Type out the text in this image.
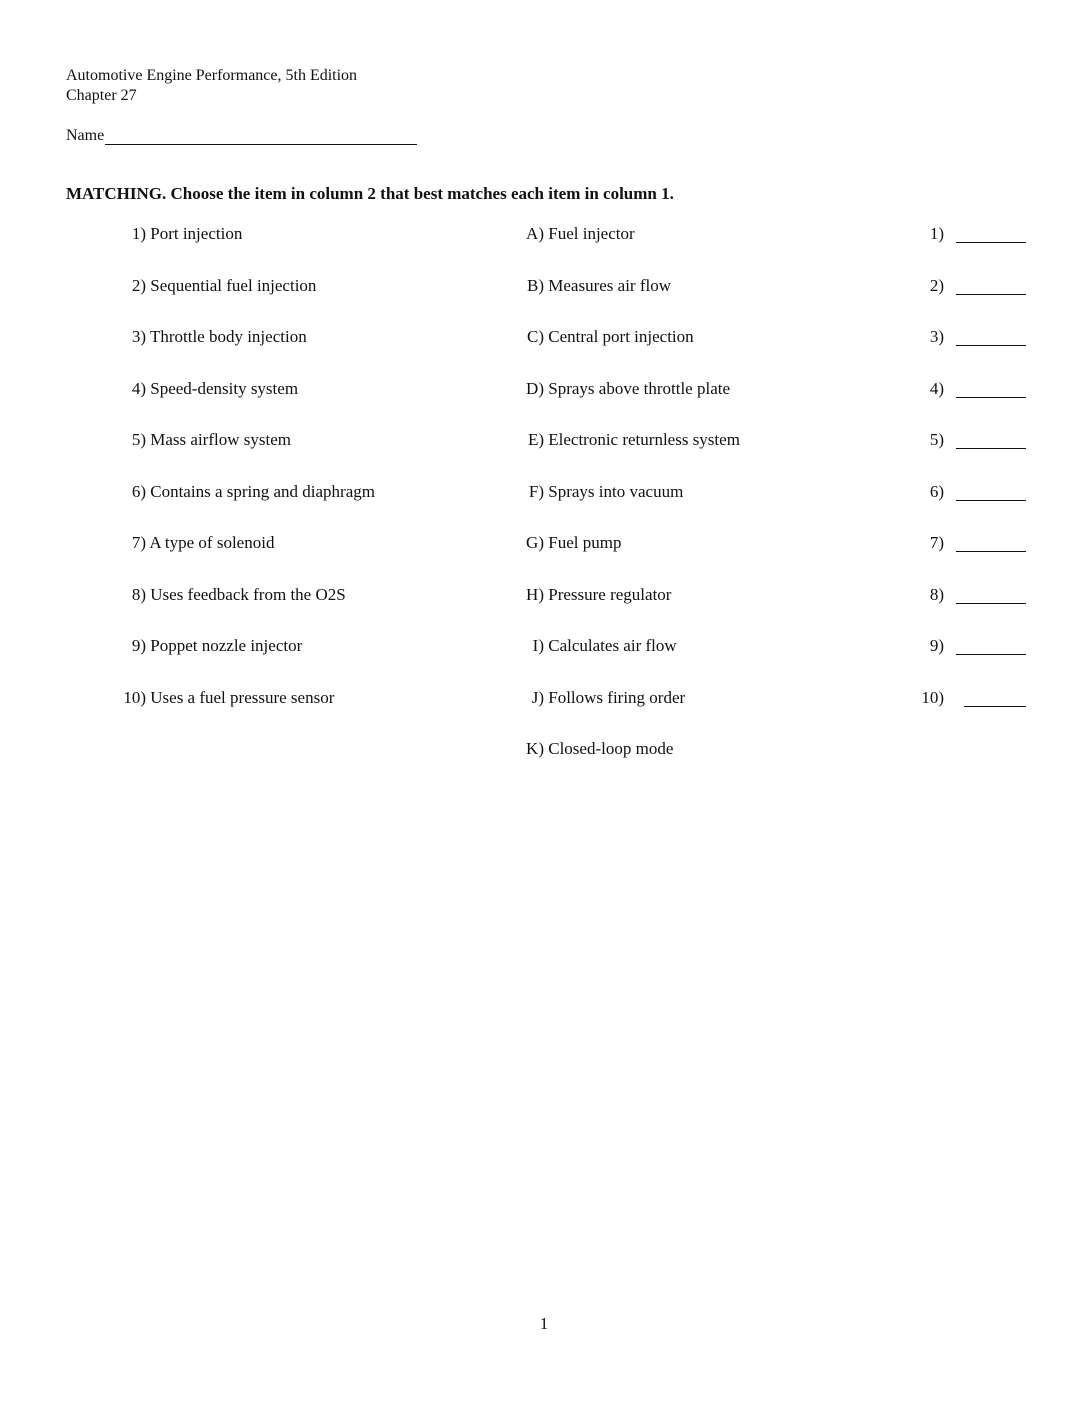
Automotive Engine Performance, 5th Edition
Chapter 27
Name
MATCHING. Choose the item in column 2 that best matches each item in column 1.
1) Port injection	A) Fuel injector	1)
2) Sequential fuel injection	B) Measures air flow	2)
3) Throttle body injection	C) Central port injection	3)
4) Speed-density system	D) Sprays above throttle plate	4)
5) Mass airflow system	E) Electronic returnless system	5)
6) Contains a spring and diaphragm	F) Sprays into vacuum	6)
7) A type of solenoid	G) Fuel pump	7)
8) Uses feedback from the O2S	H) Pressure regulator	8)
9) Poppet nozzle injector	I) Calculates air flow	9)
10) Uses a fuel pressure sensor	J) Follows firing order	10)
K) Closed-loop mode
1
